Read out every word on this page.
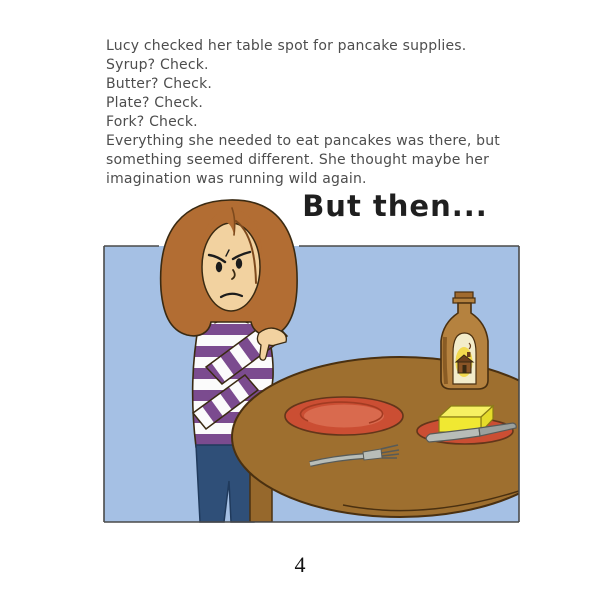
Lucy checked her table spot for pancake supplies.
Syrup? Check.
Butter? Check.
Plate? Check.
Fork? Check.
Everything she needed to eat pancakes was there, but
something seemed different. She thought maybe her
imagination was running wild again.
But then...
4
